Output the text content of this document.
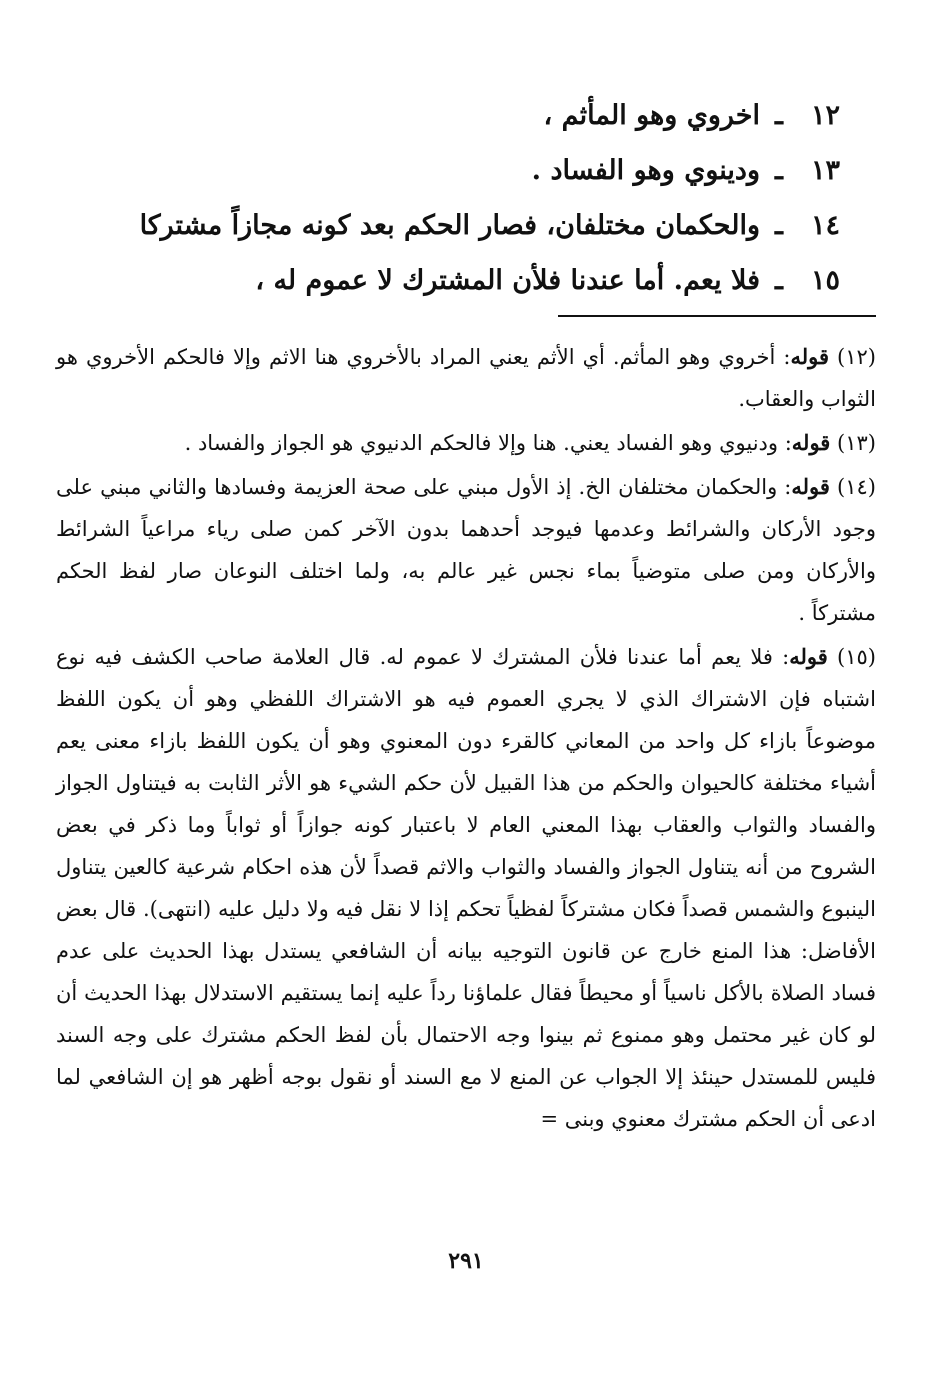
١٢ـاخروي وهو المأثم ،
١٣ـودينوي وهو الفساد .
١٤ـوالحكمان مختلفان، فصار الحكم بعد كونه مجازاً مشتركا
١٥ـفلا يعم. أما عندنا فلأن المشترك لا عموم له ،

(١٢) قوله: أخروي وهو المأثم. أي الأثم يعني المراد بالأخروي هنا الاثم وإلا فالحكم الأخروي هو الثواب والعقاب.

(١٣) قوله: ودنيوي وهو الفساد يعني. هنا وإلا فالحكم الدنيوي هو الجواز والفساد .

(١٤) قوله: والحكمان مختلفان الخ. إذ الأول مبني على صحة العزيمة وفسادها والثاني مبني على وجود الأركان والشرائط وعدمها فيوجد أحدهما بدون الآخر كمن صلى رياء مراعياً الشرائط والأركان ومن صلى متوضياً بماء نجس غير عالم به، ولما اختلف النوعان صار لفظ الحكم مشتركاً .

(١٥) قوله: فلا يعم أما عندنا فلأن المشترك لا عموم له. قال العلامة صاحب الكشف فيه نوع اشتباه فإن الاشتراك الذي لا يجري العموم فيه هو الاشتراك اللفظي وهو أن يكون اللفظ موضوعاً بازاء كل واحد من المعاني كالقرء دون المعنوي وهو أن يكون اللفظ بازاء معنى يعم أشياء مختلفة كالحيوان والحكم من هذا القبيل لأن حكم الشيء هو الأثر الثابت به فيتناول الجواز والفساد والثواب والعقاب بهذا المعني العام لا باعتبار كونه جوازاً أو ثواباً وما ذكر في بعض الشروح من أنه يتناول الجواز والفساد والثواب والاثم قصداً لأن هذه احكام شرعية كالعين يتناول الينبوع والشمس قصداً فكان مشتركاً لفظياً تحكم إذا لا نقل فيه ولا دليل عليه (انتهى). قال بعض الأفاضل: هذا المنع خارج عن قانون التوجيه بيانه أن الشافعي يستدل بهذا الحديث على عدم فساد الصلاة بالأكل ناسياً أو محيطاً فقال علماؤنا رداً عليه إنما يستقيم الاستدلال بهذا الحديث أن لو كان غير محتمل وهو ممنوع ثم بينوا وجه الاحتمال بأن لفظ الحكم مشترك على وجه السند فليس للمستدل حينئذ إلا الجواب عن المنع لا مع السند أو نقول بوجه أظهر هو إن الشافعي لما ادعى أن الحكم مشترك معنوي وبنى =

٢٩١
